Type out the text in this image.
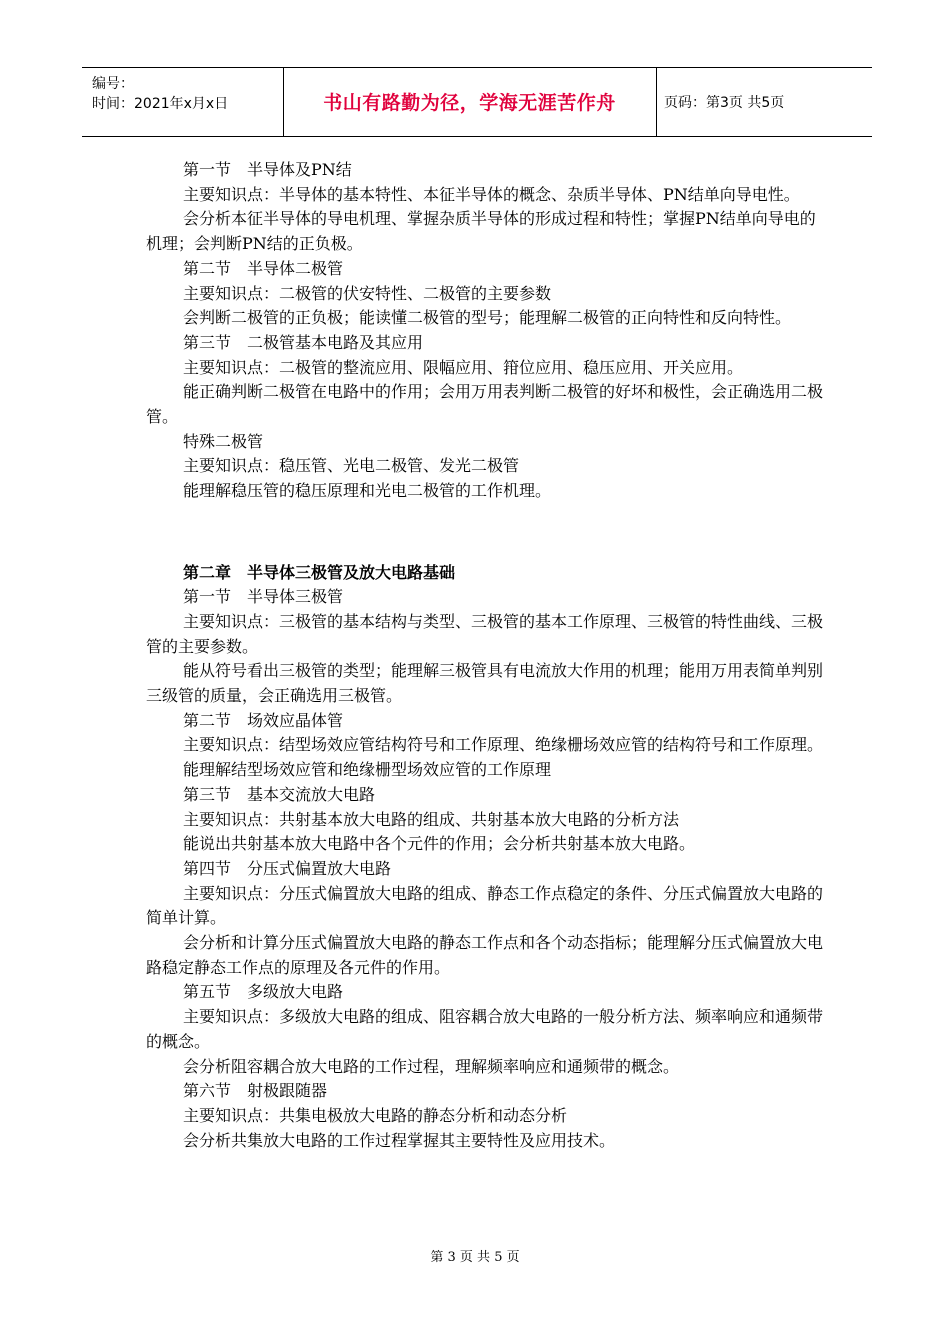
编号：
时间：2021年x月x日	书山有路勤为径，学海无涯苦作舟	页码：第3页 共5页

第一节　半导体及PN结

主要知识点：半导体的基本特性、本征半导体的概念、杂质半导体、PN结单向导电性。

会分析本征半导体的导电机理、掌握杂质半导体的形成过程和特性；掌握PN结单向导电的机理；会判断PN结的正负极。

第二节　半导体二极管

主要知识点：二极管的伏安特性、二极管的主要参数

会判断二极管的正负极；能读懂二极管的型号；能理解二极管的正向特性和反向特性。

第三节　二极管基本电路及其应用

主要知识点：二极管的整流应用、限幅应用、箝位应用、稳压应用、开关应用。

能正确判断二极管在电路中的作用；会用万用表判断二极管的好坏和极性，会正确选用二极管。

特殊二极管

主要知识点：稳压管、光电二极管、发光二极管

能理解稳压管的稳压原理和光电二极管的工作机理。

第二章　半导体三极管及放大电路基础

第一节　半导体三极管

主要知识点：三极管的基本结构与类型、三极管的基本工作原理、三极管的特性曲线、三极管的主要参数。

能从符号看出三极管的类型；能理解三极管具有电流放大作用的机理；能用万用表简单判别三级管的质量，会正确选用三极管。

第二节　场效应晶体管

主要知识点：结型场效应管结构符号和工作原理、绝缘栅场效应管的结构符号和工作原理。

能理解结型场效应管和绝缘栅型场效应管的工作原理

第三节　基本交流放大电路

主要知识点：共射基本放大电路的组成、共射基本放大电路的分析方法

能说出共射基本放大电路中各个元件的作用；会分析共射基本放大电路。

第四节　分压式偏置放大电路

主要知识点：分压式偏置放大电路的组成、静态工作点稳定的条件、分压式偏置放大电路的简单计算。

会分析和计算分压式偏置放大电路的静态工作点和各个动态指标；能理解分压式偏置放大电路稳定静态工作点的原理及各元件的作用。

第五节　多级放大电路

主要知识点：多级放大电路的组成、阻容耦合放大电路的一般分析方法、频率响应和通频带的概念。

会分析阻容耦合放大电路的工作过程，理解频率响应和通频带的概念。

第六节　射极跟随器

主要知识点：共集电极放大电路的静态分析和动态分析

会分析共集放大电路的工作过程掌握其主要特性及应用技术。

第 3 页 共 5 页
